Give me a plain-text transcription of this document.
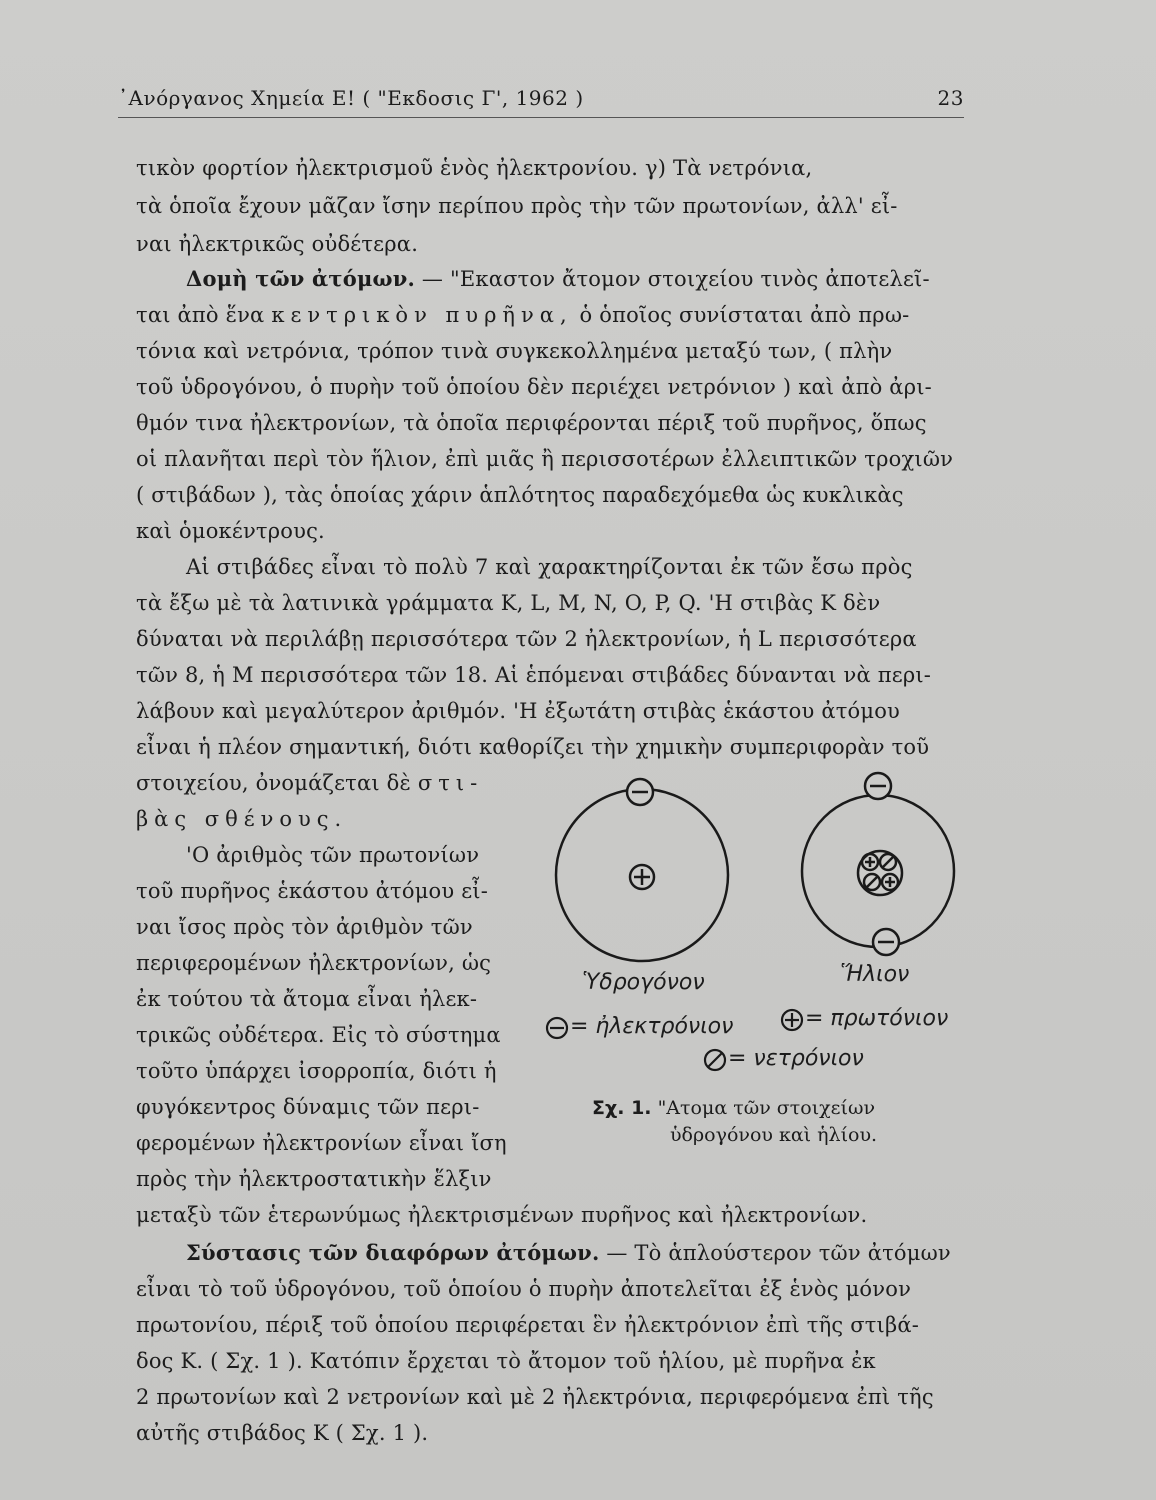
᾿Ανόργανος Χημεία Ε! ( "Εκδοσις Γ', 1962 )	23
τικὸν φορτίον ἠλεκτρισμοῦ ἑνὸς ἠλεκτρονίου. γ) Τὰ νετρόνια,
τὰ ὁποῖα ἔχουν μᾶζαν ἴσην περίπου πρὸς τὴν τῶν πρωτονίων, ἀλλ' εἶ-
ναι ἠλεκτρικῶς οὐδέτερα.
Δομὴ τῶν ἀτόμων. — "Εκαστον ἄτομον στοιχείου τινὸς ἀποτελεῖ-
ται ἀπὸ ἕνα κεντρικὸν πυρῆνα, ὁ ὁποῖος συνίσταται ἀπὸ πρω-
τόνια καὶ νετρόνια, τρόπον τινὰ συγκεκολλημένα μεταξύ των, ( πλὴν
τοῦ ὑδρογόνου, ὁ πυρὴν τοῦ ὁποίου δὲν περιέχει νετρόνιον ) καὶ ἀπὸ ἀρι-
θμόν τινα ἠλεκτρονίων, τὰ ὁποῖα περιφέρονται πέριξ τοῦ πυρῆνος, ὅπως
οἱ πλανῆται περὶ τὸν ἥλιον, ἐπὶ μιᾶς ἢ περισσοτέρων ἐλλειπτικῶν τροχιῶν
( στιβάδων ), τὰς ὁποίας χάριν ἁπλότητος παραδεχόμεθα ὡς κυκλικὰς
καὶ ὁμοκέντρους.
Αἱ στιβάδες εἶναι τὸ πολὺ 7 καὶ χαρακτηρίζονται ἐκ τῶν ἔσω πρὸς
τὰ ἔξω μὲ τὰ λατινικὰ γράμματα K, L, M, N, O, P, Q. 'Η στιβὰς Κ δὲν
δύναται νὰ περιλάβῃ περισσότερα τῶν 2 ἠλεκτρονίων, ἡ L περισσότερα
τῶν 8, ἡ Μ περισσότερα τῶν 18. Αἱ ἑπόμεναι στιβάδες δύνανται νὰ περι-
λάβουν καὶ μεγαλύτερον ἀριθμόν. 'Η ἐξωτάτη στιβὰς ἑκάστου ἀτόμου
εἶναι ἡ πλέον σημαντική, διότι καθορίζει τὴν χημικὴν συμπεριφορὰν τοῦ
στοιχείου, ὀνομάζεται δὲ στι-
βὰς σθένους.
'Ο ἀριθμὸς τῶν πρωτονίων
τοῦ πυρῆνος ἑκάστου ἀτόμου εἶ-
ναι ἴσος πρὸς τὸν ἀριθμὸν τῶν
περιφερομένων ἠλεκτρονίων, ὡς
ἐκ τούτου τὰ ἄτομα εἶναι ἠλεκ-
τρικῶς οὐδέτερα. Εἰς τὸ σύστημα
τοῦτο ὑπάρχει ἰσορροπία, διότι ἡ
φυγόκεντρος δύναμις τῶν περι-
φερομένων ἠλεκτρονίων εἶναι ἴση
πρὸς τὴν ἠλεκτροστατικὴν ἕλξιν
μεταξὺ τῶν ἑτερωνύμως ἠλεκτρισμένων πυρῆνος καὶ ἠλεκτρονίων.
Σύστασις τῶν διαφόρων ἀτόμων. — Τὸ ἁπλούστερον τῶν ἀτόμων
εἶναι τὸ τοῦ ὑδρογόνου, τοῦ ὁποίου ὁ πυρὴν ἀποτελεῖται ἐξ ἑνὸς μόνον
πρωτονίου, πέριξ τοῦ ὁποίου περιφέρεται ἓν ἠλεκτρόνιον ἐπὶ τῆς στιβά-
δος Κ. ( Σχ. 1 ). Κατόπιν ἔρχεται τὸ ἄτομον τοῦ ἡλίου, μὲ πυρῆνα ἐκ
2 πρωτονίων καὶ 2 νετρονίων καὶ μὲ 2 ἠλεκτρόνια, περιφερόμενα ἐπὶ τῆς
αὐτῆς στιβάδος Κ ( Σχ. 1 ).
Ὑδρογόνον	Ἥλιον
= ἠλεκτρόνιον	= πρωτόνιον
= νετρόνιον
Σχ. 1. "Ατομα τῶν στοιχείων
ὑδρογόνου καὶ ἡλίου.
